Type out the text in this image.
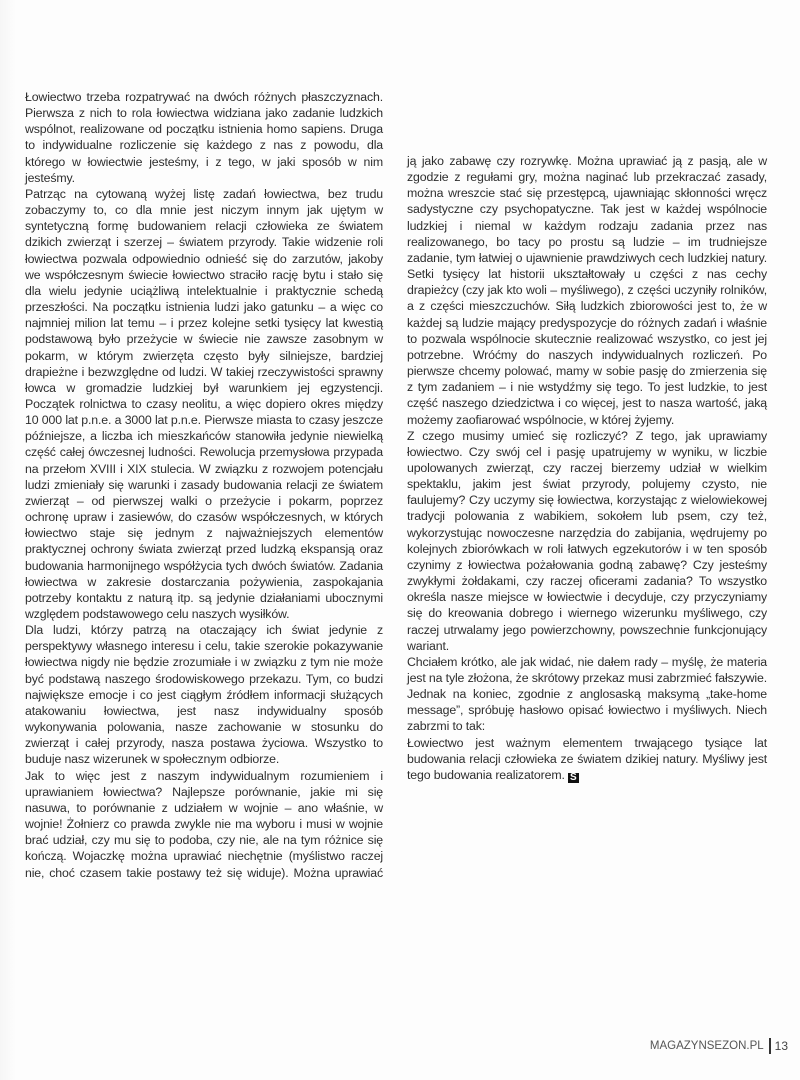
Łowiectwo trzeba rozpatrywać na dwóch różnych płaszczyznach. Pierwsza z nich to rola łowiectwa widziana jako zadanie ludzkich wspólnot, realizowane od początku istnienia homo sapiens. Druga to indywidualne rozliczenie się każdego z nas z powodu, dla którego w łowiectwie jesteśmy, i z tego, w jaki sposób w nim jesteśmy.

Patrząc na cytowaną wyżej listę zadań łowiectwa, bez trudu zobaczymy to, co dla mnie jest niczym innym jak ujętym w syntetyczną formę budowaniem relacji człowieka ze światem dzikich zwierząt i szerzej – światem przyrody. Takie widzenie roli łowiectwa pozwala odpowiednio odnieść się do zarzutów, jakoby we współczesnym świecie łowiectwo straciło rację bytu i stało się dla wielu jedynie uciążliwą intelektualnie i praktycznie schedą przeszłości. Na początku istnienia ludzi jako gatunku – a więc co najmniej milion lat temu – i przez kolejne setki tysięcy lat kwestią podstawową było przeżycie w świecie nie zawsze zasobnym w pokarm, w którym zwierzęta często były silniejsze, bardziej drapieżne i bezwzględne od ludzi. W takiej rzeczywistości sprawny łowca w gromadzie ludzkiej był warunkiem jej egzystencji. Początek rolnictwa to czasy neolitu, a więc dopiero okres między 10 000 lat p.n.e. a 3000 lat p.n.e. Pierwsze miasta to czasy jeszcze późniejsze, a liczba ich mieszkańców stanowiła jedynie niewielką część całej ówczesnej ludności. Rewolucja przemysłowa przypada na przełom XVIII i XIX stulecia. W związku z rozwojem potencjału ludzi zmieniały się warunki i zasady budowania relacji ze światem zwierząt – od pierwszej walki o przeżycie i pokarm, poprzez ochronę upraw i zasiewów, do czasów współczesnych, w których łowiectwo staje się jednym z najważniejszych elementów praktycznej ochrony świata zwierząt przed ludzką ekspansją oraz budowania harmonijnego współżycia tych dwóch światów. Zadania łowiectwa w zakresie dostarczania pożywienia, zaspokajania potrzeby kontaktu z naturą itp. są jedynie działaniami ubocznymi względem podstawowego celu naszych wysiłków.

Dla ludzi, którzy patrzą na otaczający ich świat jedynie z perspektywy własnego interesu i celu, takie szerokie pokazywanie łowiectwa nigdy nie będzie zrozumiałe i w związku z tym nie może być podstawą naszego środowiskowego przekazu. Tym, co budzi największe emocje i co jest ciągłym źródłem informacji służących atakowaniu łowiectwa, jest nasz indywidualny sposób wykonywania polowania, nasze zachowanie w stosunku do zwierząt i całej przyrody, nasza postawa życiowa. Wszystko to buduje nasz wizerunek w społecznym odbiorze.

Jak to więc jest z naszym indywidualnym rozumieniem i uprawianiem łowiectwa? Najlepsze porównanie, jakie mi się nasuwa, to porównanie z udziałem w wojnie – ano właśnie, w wojnie! Żołnierz co prawda zwykle nie ma wyboru i musi w wojnie brać udział, czy mu się to podoba, czy nie, ale na tym różnice się kończą. Wojaczkę można uprawiać niechętnie (myślistwo raczej nie, choć czasem takie postawy też się widuje). Można uprawiać

ją jako zabawę czy rozrywkę. Można uprawiać ją z pasją, ale w zgodzie z regułami gry, można naginać lub przekraczać zasady, można wreszcie stać się przestępcą, ujawniając skłonności wręcz sadystyczne czy psychopatyczne. Tak jest w każdej wspólnocie ludzkiej i niemal w każdym rodzaju zadania przez nas realizowanego, bo tacy po prostu są ludzie – im trudniejsze zadanie, tym łatwiej o ujawnienie prawdziwych cech ludzkiej natury. Setki tysięcy lat historii ukształtowały u części z nas cechy drapieżcy (czy jak kto woli – myśliwego), z części uczyniły rolników, a z części mieszczuchów. Siłą ludzkich zbiorowości jest to, że w każdej są ludzie mający predyspozycje do różnych zadań i właśnie to pozwala wspólnocie skutecznie realizować wszystko, co jest jej potrzebne. Wróćmy do naszych indywidualnych rozliczeń. Po pierwsze chcemy polować, mamy w sobie pasję do zmierzenia się z tym zadaniem – i nie wstydźmy się tego. To jest ludzkie, to jest część naszego dziedzictwa i co więcej, jest to nasza wartość, jaką możemy zaofiarować wspólnocie, w której żyjemy.

Z czego musimy umieć się rozliczyć? Z tego, jak uprawiamy łowiectwo. Czy swój cel i pasję upatrujemy w wyniku, w liczbie upolowanych zwierząt, czy raczej bierzemy udział w wielkim spektaklu, jakim jest świat przyrody, polujemy czysto, nie faulujemy? Czy uczymy się łowiectwa, korzystając z wielowiekowej tradycji polowania z wabikiem, sokołem lub psem, czy też, wykorzystując nowoczesne narzędzia do zabijania, wędrujemy po kolejnych zbiorówkach w roli łatwych egzekutorów i w ten sposób czynimy z łowiectwa pożałowania godną zabawę? Czy jesteśmy zwykłymi żołdakami, czy raczej oficerami zadania? To wszystko określa nasze miejsce w łowiectwie i decyduje, czy przyczyniamy się do kreowania dobrego i wiernego wizerunku myśliwego, czy raczej utrwalamy jego powierzchowny, powszechnie funkcjonujący wariant.

Chciałem krótko, ale jak widać, nie dałem rady – myślę, że materia jest na tyle złożona, że skrótowy przekaz musi zabrzmieć fałszywie. Jednak na koniec, zgodnie z anglosaską maksymą „take-home message”, spróbuję hasłowo opisać łowiectwo i myśliwych. Niech zabrzmi to tak:

Łowiectwo jest ważnym elementem trwającego tysiące lat budowania relacji człowieka ze światem dzikiej natury. Myśliwy jest tego budowania realizatorem. S

MAGAZYNSEZON.PL 13
